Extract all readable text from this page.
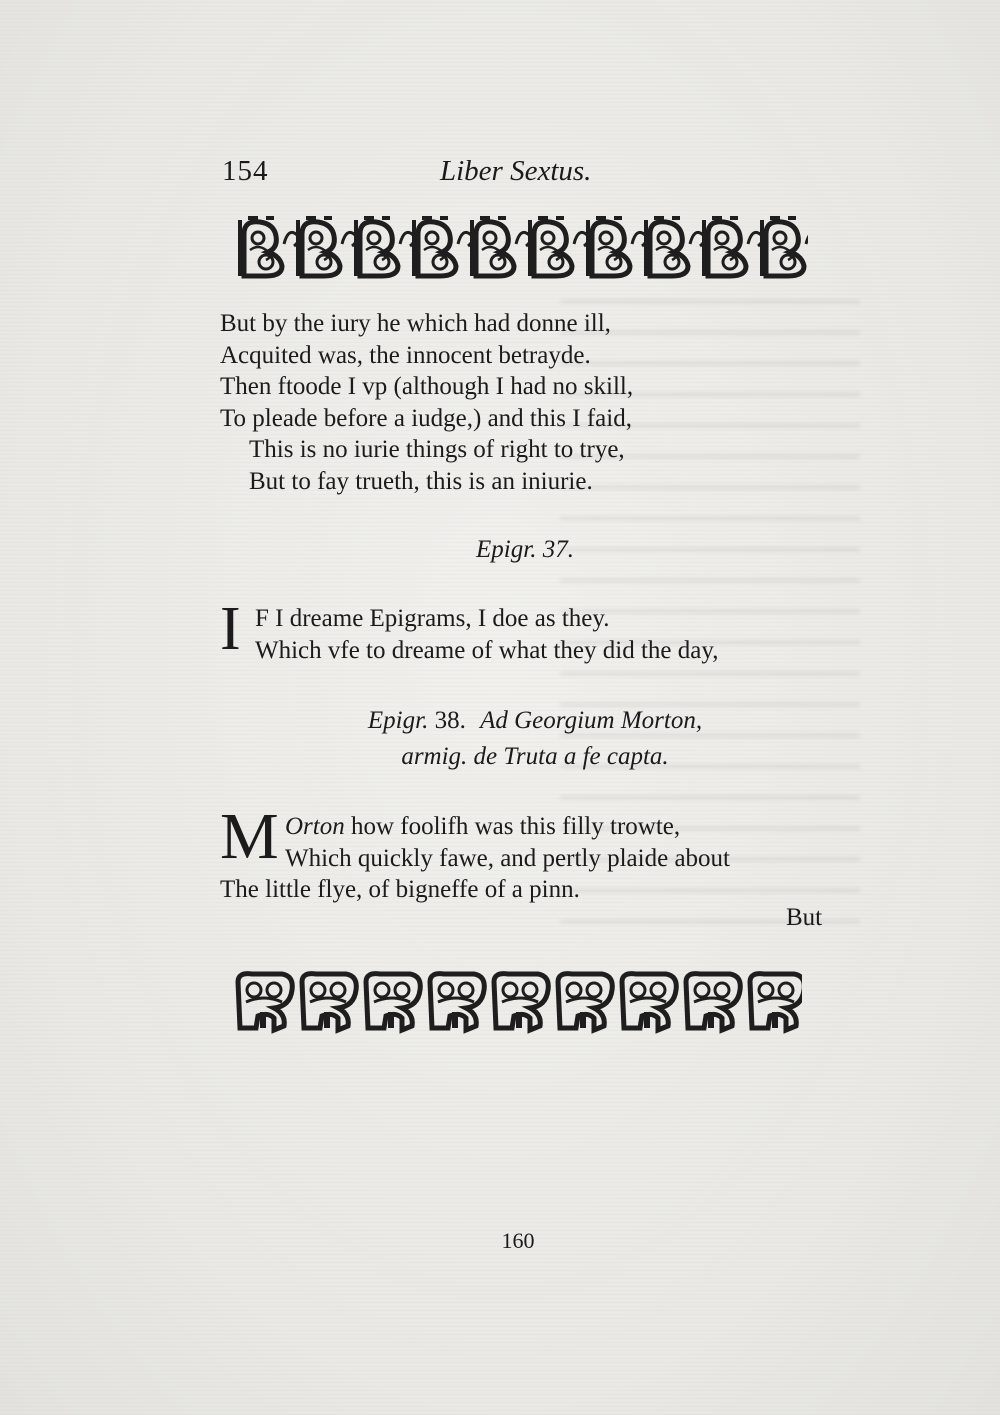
154	Liber Sextus.
But by the iury he which had donne ill,
Acquited was, the innocent betrayde.
Then ftoode I vp (although I had no skill,
To pleade before a iudge,) and this I faid,
This is no iurie things of right to trye,
But to fay trueth, this is an iniurie.
Epigr. 37.
I F I dreame Epigrams, I doe as they.
Which vfe to dreame of what they did the day,
Epigr. 38. Ad Georgium Morton,
armig. de Truta a fe capta.
M Orton how foolifh was this filly trowte,
Which quickly fawe, and pertly plaide about
The little flye, of bigneffe of a pinn.
But
160
